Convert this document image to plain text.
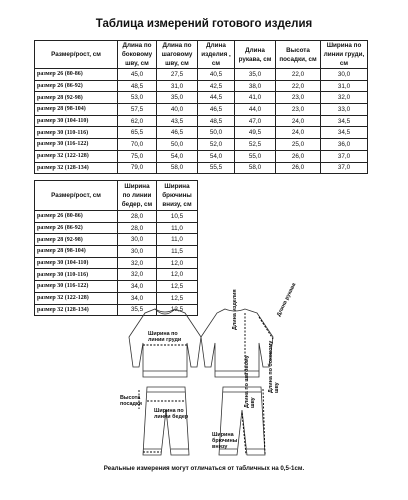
Таблица измерений готового изделия
Размер/рост, см	Длина по боковому шву, см	Длина по шаговому шву, см	Длина изделия , см	Длина рукава, см	Высота посадки, см	Ширина по линии груди, см
размер 26 (80-86)	45,0	27,5	40,5	35,0	22,0	30,0
размер 26 (86-92)	48,5	31,0	42,5	38,0	22,0	31,0
размер 28 (92-98)	53,0	35,0	44,5	41,0	23,0	32,0
размер 28 (98-104)	57,5	40,0	46,5	44,0	23,0	33,0
размер 30 (104-110)	62,0	43,5	48,5	47,0	24,0	34,5
размер 30 (110-116)	65,5	46,5	50,0	49,5	24,0	34,5
размер 30 (116-122)	70,0	50,0	52,0	52,5	25,0	36,0
размер 32 (122-128)	75,0	54,0	54,0	55,0	26,0	37,0
размер 32 (128-134)	79,0	58,0	55,5	58,0	26,0	37,0
Размер/рост, см	Ширина по линии бедер, см	Ширина брючины внизу, см
размер 26 (80-86)	28,0	10,5
размер 26 (86-92)	28,0	11,0
размер 28 (92-98)	30,0	11,0
размер 28 (98-104)	30,0	11,5
размер 30 (104-110)	32,0	12,0
размер 30 (110-116)	32,0	12,0
размер 30 (116-122)	34,0	12,5
размер 32 (122-128)	34,0	12,5
размер 32 (128-134)	35,5	12,5
Ширина по линии груди
Длина изделия	Длина рукава
Высота посадки
Ширина по линии бедер
Длина по боковому шву
Ширина брючины внизу
Длина по шаговому шву
Реальные измерения могут отличаться от табличных на 0,5-1см.
